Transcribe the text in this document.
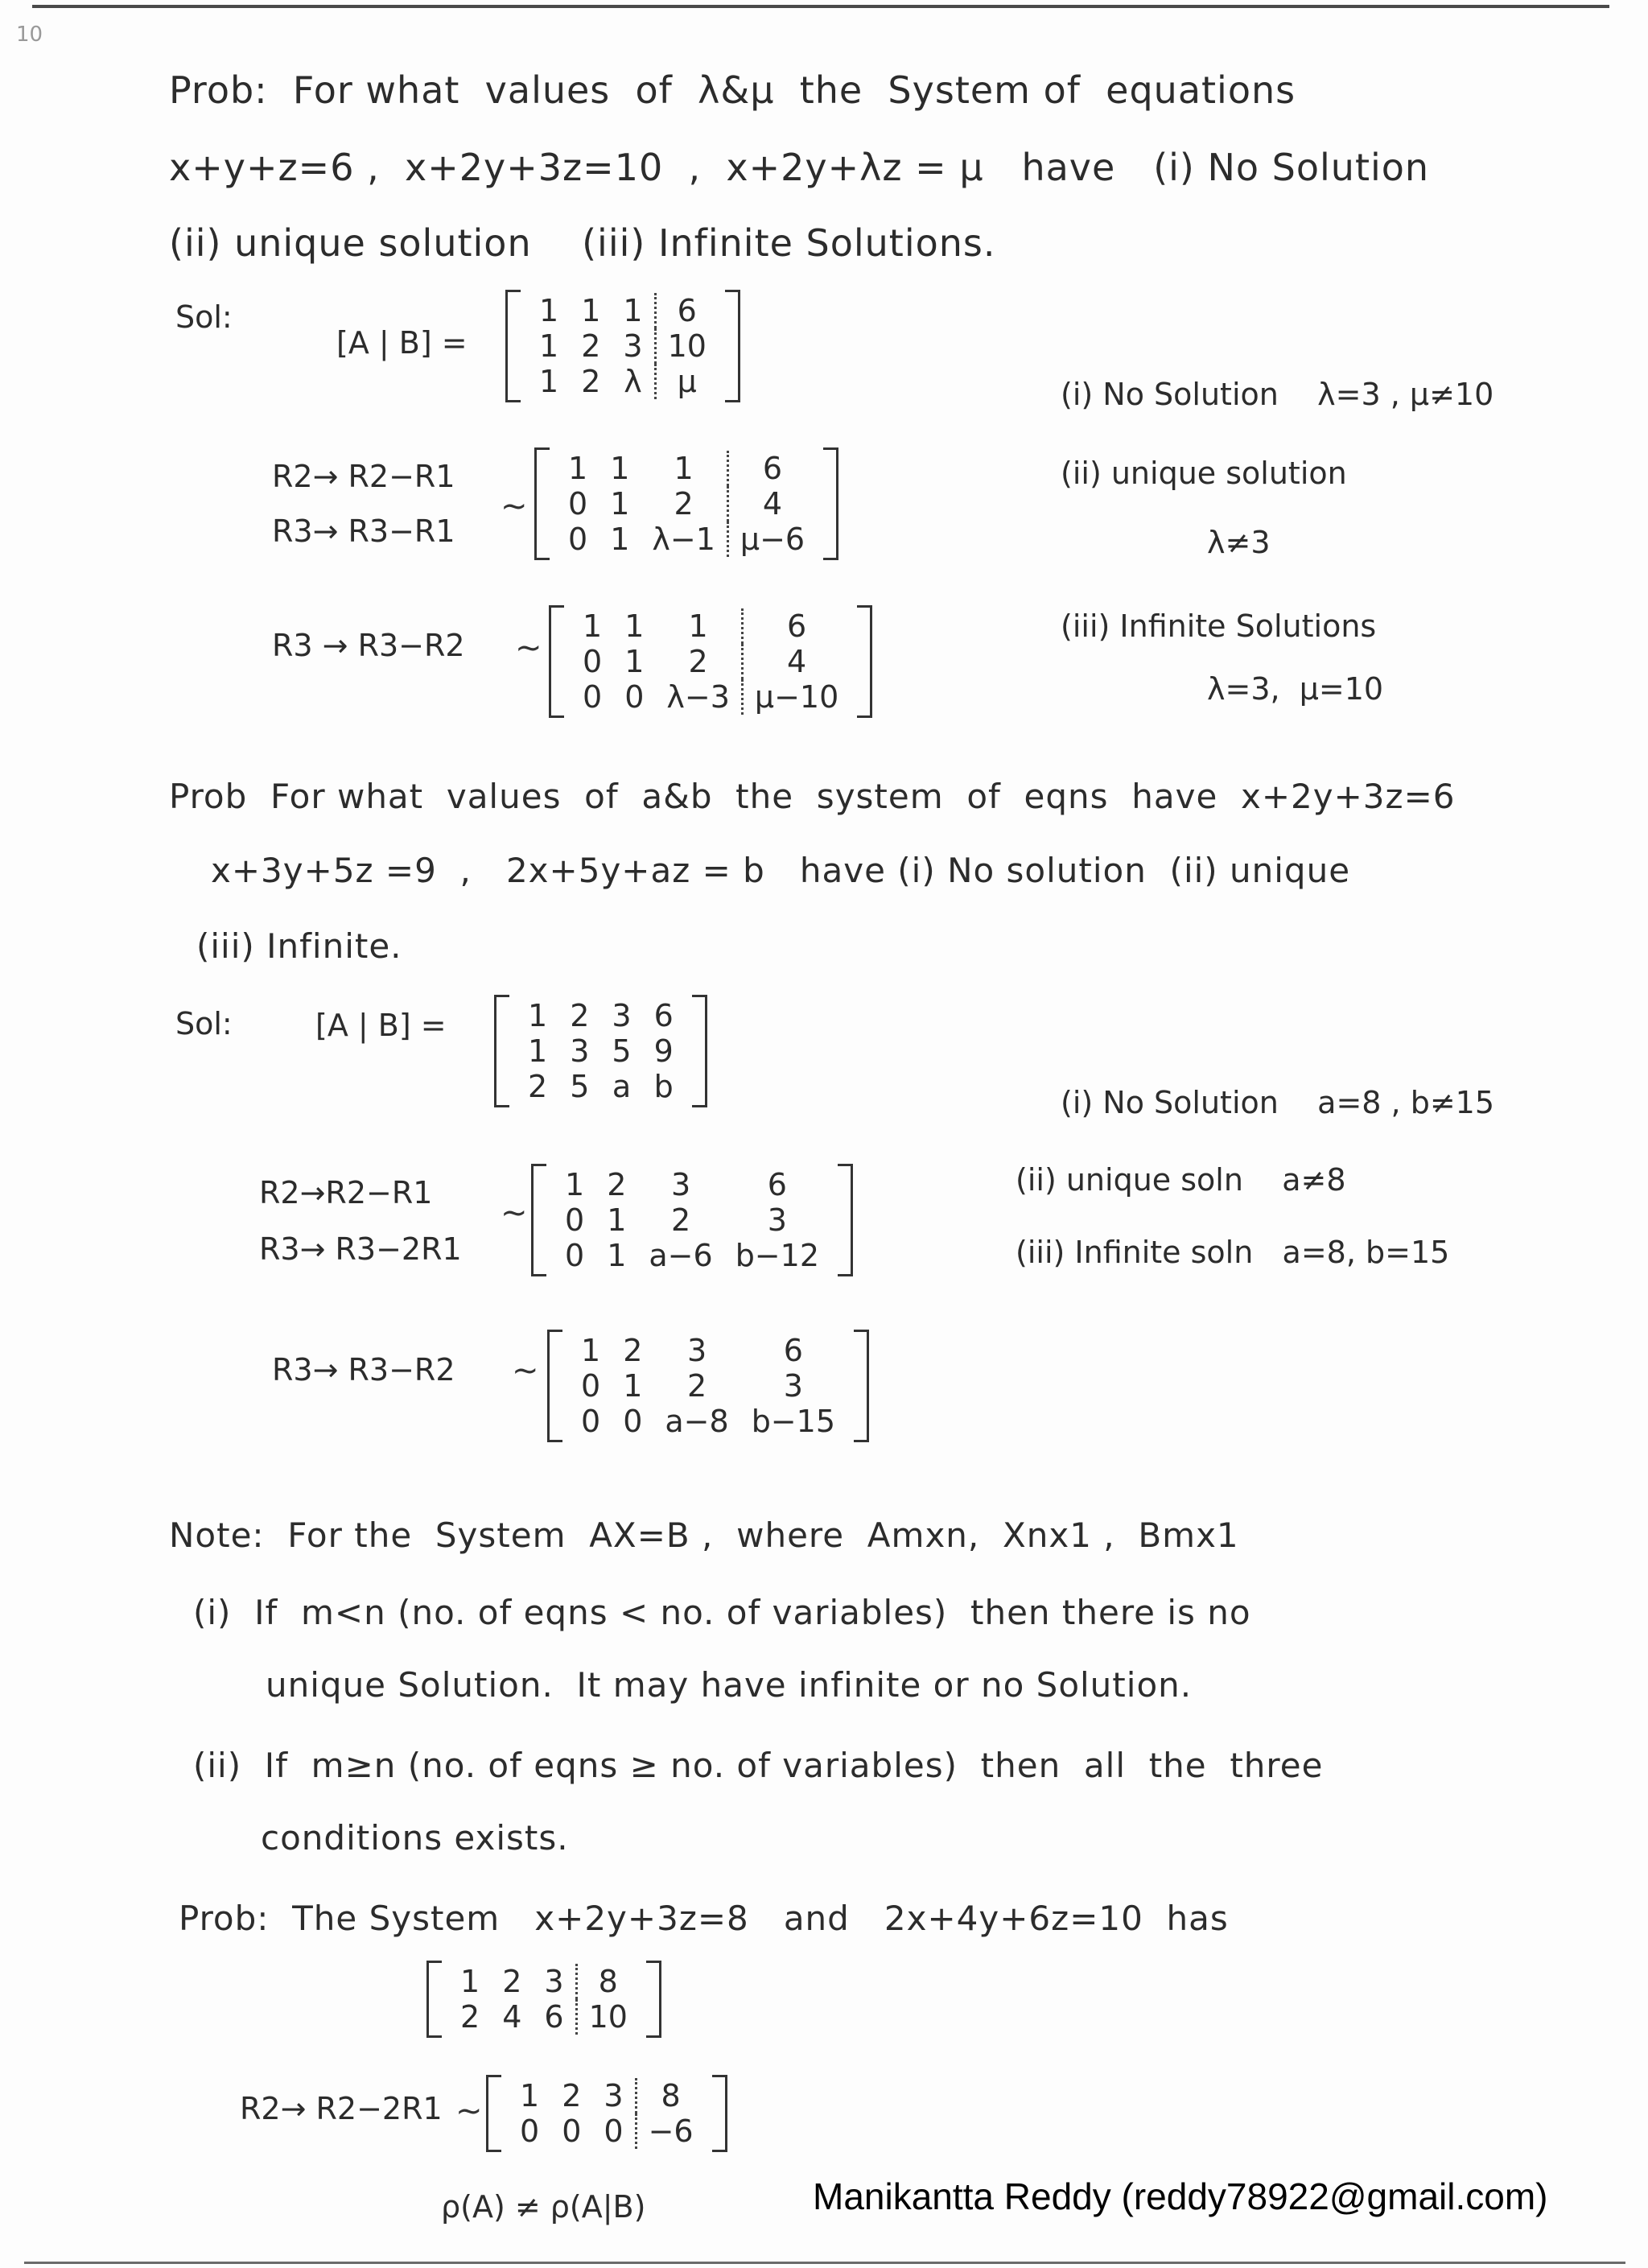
10
Prob:  For what  values  of  λ&μ  the  System of  equations
x+y+z=6 ,  x+2y+3z=10  ,  x+2y+λz = μ   have   (i) No Solution
(ii) unique solution    (iii) Infinite Solutions.
Sol:
[A | B] =
1	1	1		6
1	2	3		10
1	2	λ		μ
R2→ R2−R1
R3→ R3−R1
~
1	1	1		6
0	1	2		4
0	1	λ−1		μ−6
R3 → R3−R2 ~
1	1	1		6
0	1	2		4
0	0	λ−3		μ−10
(i) No Solution    λ=3 , μ≠10
(ii) unique solution
λ≠3
(iii) Infinite Solutions
λ=3,  μ=10
Prob  For what  values  of  a&b  the  system  of  eqns  have  x+2y+3z=6
x+3y+5z =9  ,   2x+5y+az = b   have (i) No solution  (ii) unique
(iii) Infinite.
Sol:	[A | B] =	1	2	3	6
1	3	5	9
2	5	a	b
R2→R2−R1
R3→ R3−2R1
~
1	2	3	6
0	1	2	3
0	1	a−6	b−12
R3→ R3−R2 ~
1	2	3	6
0	1	2	3
0	0	a−8	b−15
(i) No Solution    a=8 , b≠15
(ii) unique soln    a≠8
(iii) Infinite soln   a=8, b=15
Note:  For the  System  AX=B ,  where  Amxn,  Xnx1 ,  Bmx1
(i)  If  m<n (no. of eqns < no. of variables)  then there is no
unique Solution.  It may have infinite or no Solution.
(ii)  If  m≥n (no. of eqns ≥ no. of variables)  then  all  the  three
conditions exists.
Prob:  The System   x+2y+3z=8   and   2x+4y+6z=10  has
1	2	3		8
2	4	6		10
R2→ R2−2R1 ~ 1	2	3		8
0	0	0		−6
ρ(A) ≠ ρ(A|B)	Manikantta Reddy (reddy78922@gmail.com)
